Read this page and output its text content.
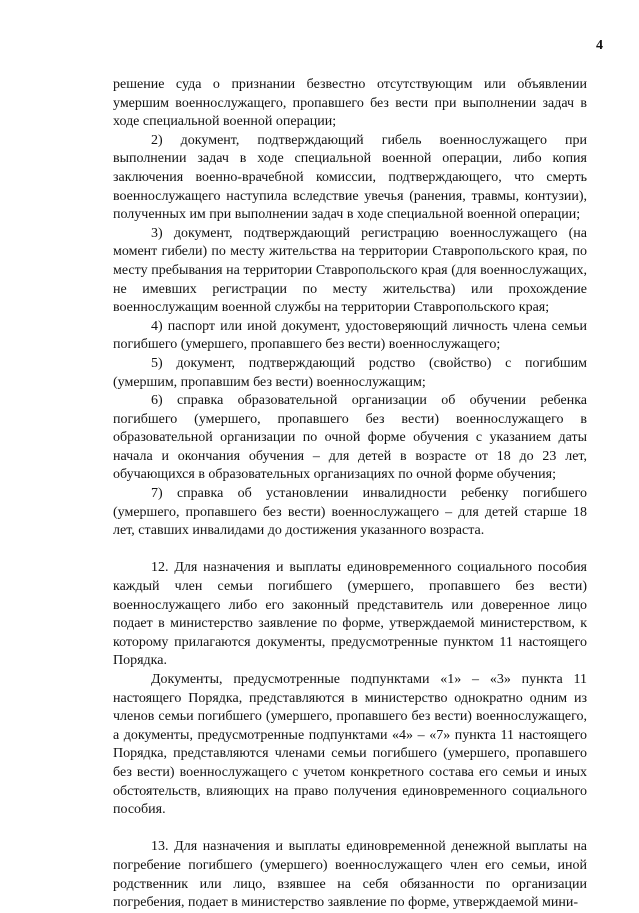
4

решение суда о признании безвестно отсутствующим или объявлении умершим военнослужащего, пропавшего без вести при выполнении задач в ходе специальной военной операции;

2) документ, подтверждающий гибель военнослужащего при выполнении задач в ходе специальной военной операции, либо копия заключения военно-врачебной комиссии, подтверждающего, что смерть военнослужащего наступила вследствие увечья (ранения, травмы, контузии), полученных им при выполнении задач в ходе специальной военной операции;

3) документ, подтверждающий регистрацию военнослужащего (на момент гибели) по месту жительства на территории Ставропольского края, по месту пребывания на территории Ставропольского края (для военнослужащих, не имевших регистрации по месту жительства) или прохождение военнослужащим военной службы на территории Ставропольского края;

4) паспорт или иной документ, удостоверяющий личность члена семьи погибшего (умершего, пропавшего без вести) военнослужащего;

5) документ, подтверждающий родство (свойство) с погибшим (умершим, пропавшим без вести) военнослужащим;

6) справка образовательной организации об обучении ребенка погибшего (умершего, пропавшего без вести) военнослужащего в образовательной организации по очной форме обучения с указанием даты начала и окончания обучения – для детей в возрасте от 18 до 23 лет, обучающихся в образовательных организациях по очной форме обучения;

7) справка об установлении инвалидности ребенку погибшего (умершего, пропавшего без вести) военнослужащего – для детей старше 18 лет, ставших инвалидами до достижения указанного возраста.

12. Для назначения и выплаты единовременного социального пособия каждый член семьи погибшего (умершего, пропавшего без вести) военнослужащего либо его законный представитель или доверенное лицо подает в министерство заявление по форме, утверждаемой министерством, к которому прилагаются документы, предусмотренные пунктом 11 настоящего Порядка.

Документы, предусмотренные подпунктами «1» – «3» пункта 11 настоящего Порядка, представляются в министерство однократно одним из членов семьи погибшего (умершего, пропавшего без вести) военнослужащего, а документы, предусмотренные подпунктами «4» – «7» пункта 11 настоящего Порядка, представляются членами семьи погибшего (умершего, пропавшего без вести) военнослужащего с учетом конкретного состава его семьи и иных обстоятельств, влияющих на право получения единовременного социального пособия.

13. Для назначения и выплаты единовременной денежной выплаты на погребение погибшего (умершего) военнослужащего член его семьи, иной родственник или лицо, взявшее на себя обязанности по организации погребения, подает в министерство заявление по форме, утверждаемой мини-
